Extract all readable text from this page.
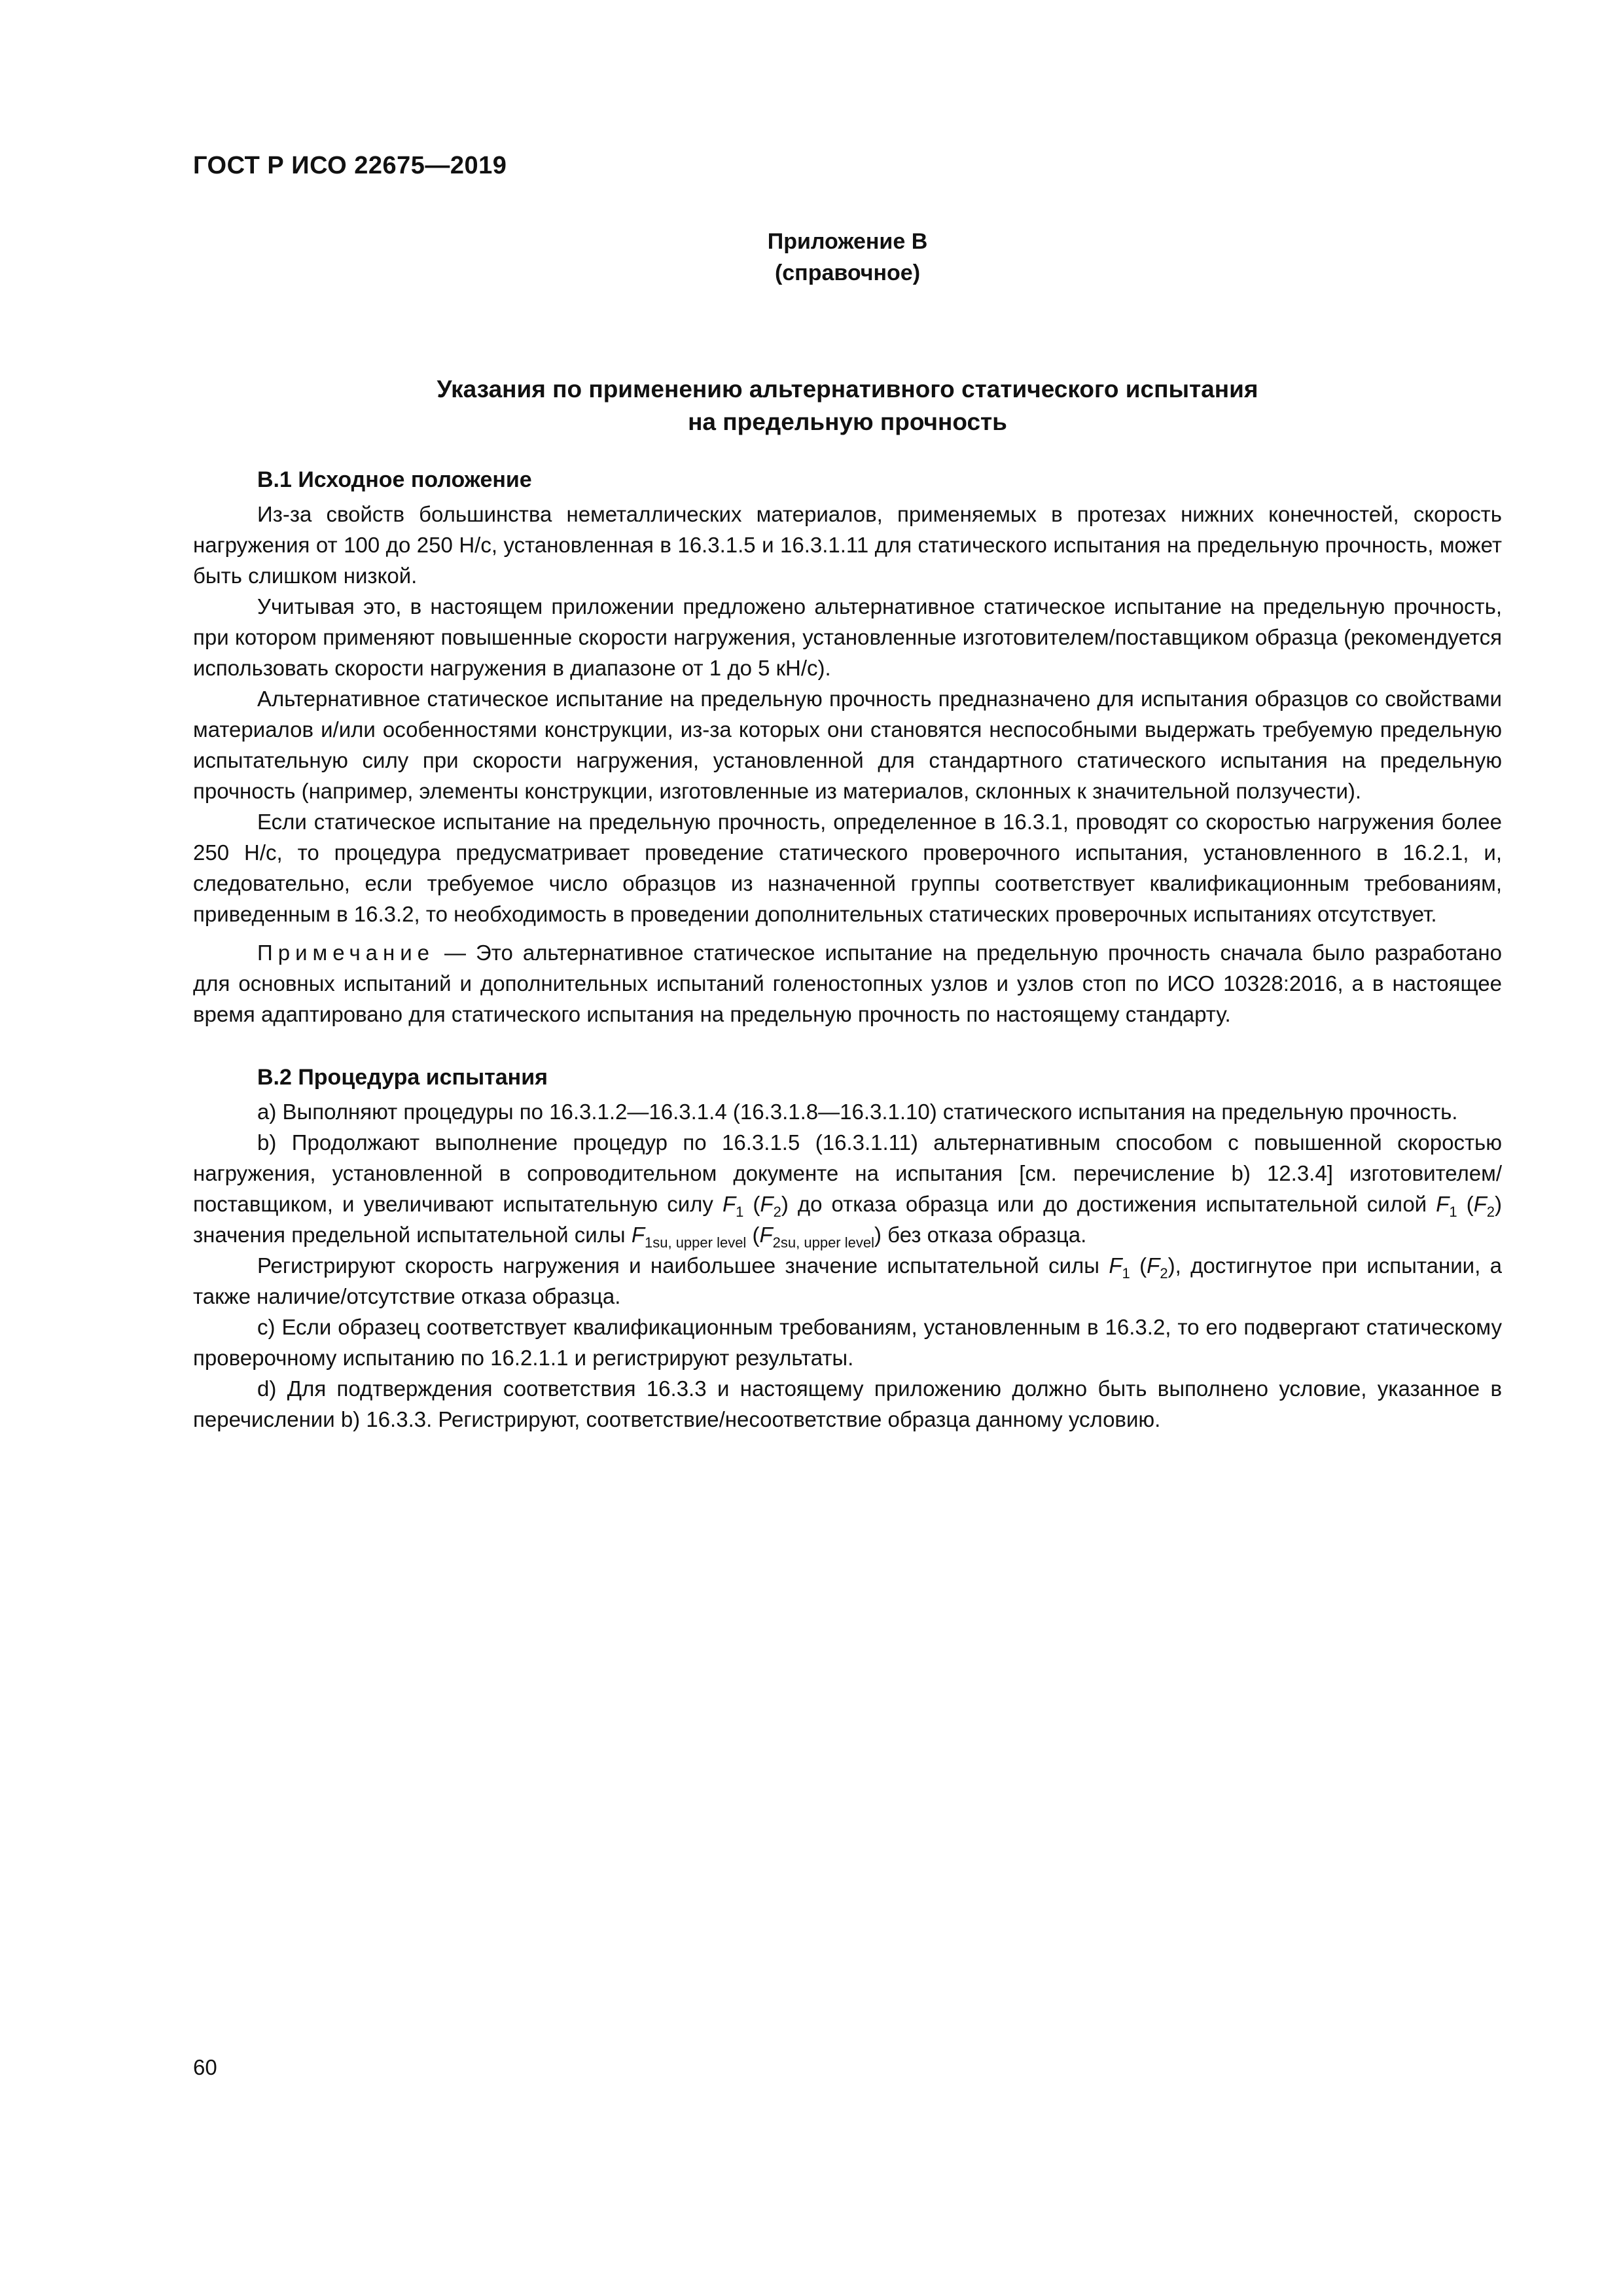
ГОСТ Р ИСО 22675—2019
Приложение В
(справочное)
Указания по применению альтернативного статического испытания
на предельную прочность
В.1 Исходное положение

Из-за свойств большинства неметаллических материалов, применяемых в протезах нижних конечностей, скорость нагружения от 100 до 250 Н/с, установленная в 16.3.1.5 и 16.3.1.11 для статического испытания на предельную прочность, может быть слишком низкой.

Учитывая это, в настоящем приложении предложено альтернативное статическое испытание на предельную прочность, при котором применяют повышенные скорости нагружения, установленные изготовителем/поставщиком образца (рекомендуется использовать скорости нагружения в диапазоне от 1 до 5 кН/с).

Альтернативное статическое испытание на предельную прочность предназначено для испытания образцов со свойствами материалов и/или особенностями конструкции, из-за которых они становятся неспособными выдержать требуемую предельную испытательную силу при скорости нагружения, установленной для стандартного статического испытания на предельную прочность (например, элементы конструкции, изготовленные из материалов, склонных к значительной ползучести).

Если статическое испытание на предельную прочность, определенное в 16.3.1, проводят со скоростью нагружения более 250 Н/с, то процедура предусматривает проведение статического проверочного испытания, установленного в 16.2.1, и, следовательно, если требуемое число образцов из назначенной группы соответствует квалификационным требованиям, приведенным в 16.3.2, то необходимость в проведении дополнительных статических проверочных испытаниях отсутствует.

Примечание — Это альтернативное статическое испытание на предельную прочность сначала было разработано для основных испытаний и дополнительных испытаний голеностопных узлов и узлов стоп по ИСО 10328:2016, а в настоящее время адаптировано для статического испытания на предельную прочность по настоящему стандарту.

В.2 Процедура испытания

a) Выполняют процедуры по 16.3.1.2—16.3.1.4 (16.3.1.8—16.3.1.10) статического испытания на предельную прочность.

b) Продолжают выполнение процедур по 16.3.1.5 (16.3.1.11) альтернативным способом с повышенной скоростью нагружения, установленной в сопроводительном документе на испытания [см. перечисление b) 12.3.4] изготовителем/поставщиком, и увеличивают испытательную силу $F_1$ $(F_2)$ до отказа образца или до достижения испытательной силой $F_1$ $(F_2)$ значения предельной испытательной силы $F_{1su, upper level}$ $(F_{2su, upper level})$ без отказа образца.

Регистрируют скорость нагружения и наибольшее значение испытательной силы $F_1$ $(F_2)$, достигнутое при испытании, а также наличие/отсутствие отказа образца.

c) Если образец соответствует квалификационным требованиям, установленным в 16.3.2, то его подвергают статическому проверочному испытанию по 16.2.1.1 и регистрируют результаты.

d) Для подтверждения соответствия 16.3.3 и настоящему приложению должно быть выполнено условие, указанное в перечислении b) 16.3.3. Регистрируют, соответствие/несоответствие образца данному условию.

60
